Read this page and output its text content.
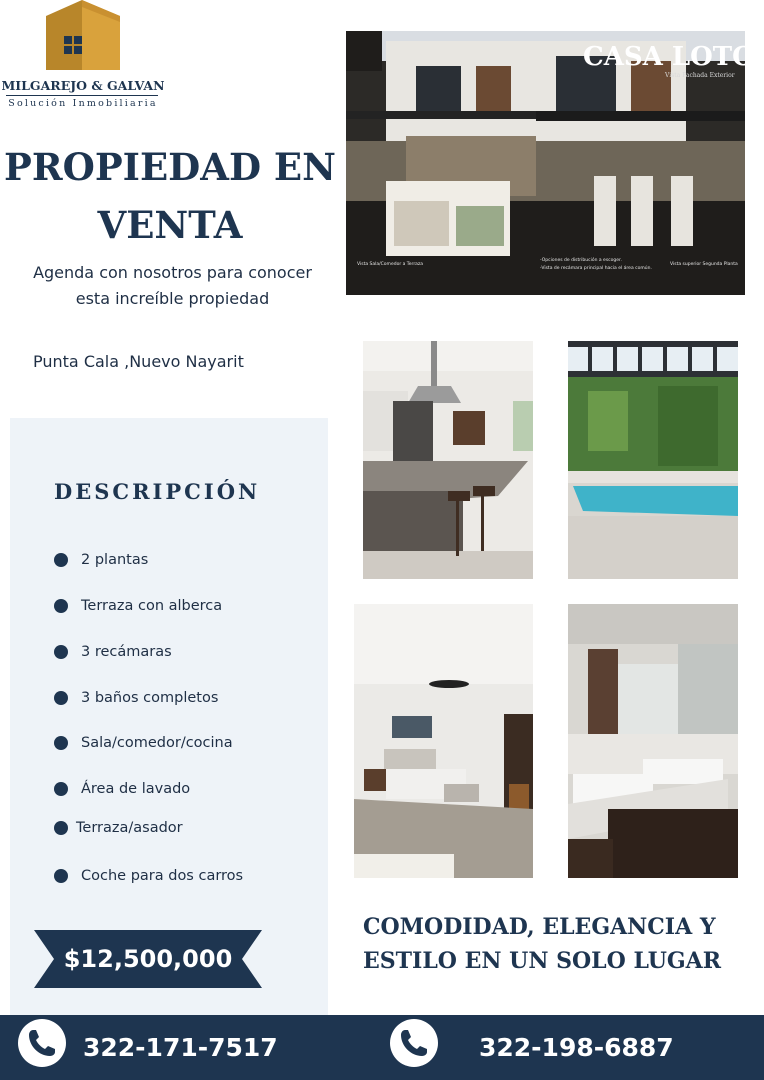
MILGAREJO & GALVAN
Solución Inmobiliaria
PROPIEDAD EN
VENTA
Agenda con nosotros para conocer
esta increíble propiedad
Punta Cala ,Nuevo Nayarit
DESCRIPCIÓN
2 plantas
Terraza con alberca
3 recámaras
3 baños completos
Sala/comedor/cocina
Área de lavado
Terraza/asador
Coche para dos carros
$12,500,000
COMODIDAD, ELEGANCIA Y
ESTILO EN UN SOLO LUGAR
CASA LOTO
Vista Fachada Exterior
Vista Sala/Comedor a Terraza
-Opciones de distribución a escoger.
-Vista de recámara principal hacia el área común.
Vista superior Segunda Planta
322-171-7517	322-198-6887
